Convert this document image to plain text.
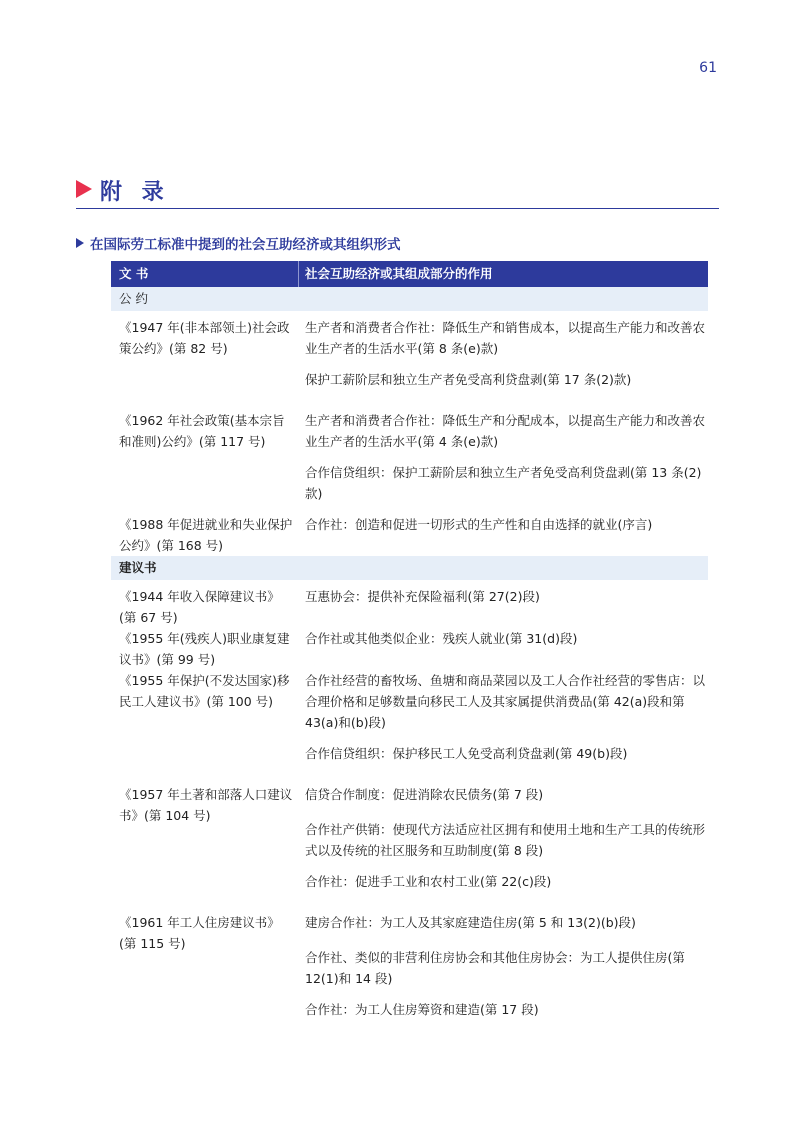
61
附 录
在国际劳工标准中提到的社会互助经济或其组织形式
文 书	社会互助经济或其组成部分的作用
公 约
《1947 年(非本部领土)社会政策公约》(第 82 号)
生产者和消费者合作社：降低生产和销售成本，以提高生产能力和改善农业生产者的生活水平(第 8 条(e)款)
保护工薪阶层和独立生产者免受高利贷盘剥(第 17 条(2)款)
《1962 年社会政策(基本宗旨和准则)公约》(第 117 号)
生产者和消费者合作社：降低生产和分配成本，以提高生产能力和改善农业生产者的生活水平(第 4 条(e)款)
合作信贷组织：保护工薪阶层和独立生产者免受高利贷盘剥(第 13 条(2)款)
《1988 年促进就业和失业保护公约》(第 168 号)
合作社：创造和促进一切形式的生产性和自由选择的就业(序言)
建议书
《1944 年收入保障建议书》(第 67 号)
互惠协会：提供补充保险福利(第 27(2)段)
《1955 年(残疾人)职业康复建议书》(第 99 号)
合作社或其他类似企业：残疾人就业(第 31(d)段)
《1955 年保护(不发达国家)移民工人建议书》(第 100 号)
合作社经营的畜牧场、鱼塘和商品菜园以及工人合作社经营的零售店：以合理价格和足够数量向移民工人及其家属提供消费品(第 42(a)段和第 43(a)和(b)段)
合作信贷组织：保护移民工人免受高利贷盘剥(第 49(b)段)
《1957 年土著和部落人口建议书》(第 104 号)
信贷合作制度：促进消除农民债务(第 7 段)
合作社产供销：使现代方法适应社区拥有和使用土地和生产工具的传统形式以及传统的社区服务和互助制度(第 8 段)
合作社：促进手工业和农村工业(第 22(c)段)
《1961 年工人住房建议书》(第 115 号)
建房合作社：为工人及其家庭建造住房(第 5 和 13(2)(b)段)
合作社、类似的非营利住房协会和其他住房协会：为工人提供住房(第 12(1)和 14 段)
合作社：为工人住房筹资和建造(第 17 段)
